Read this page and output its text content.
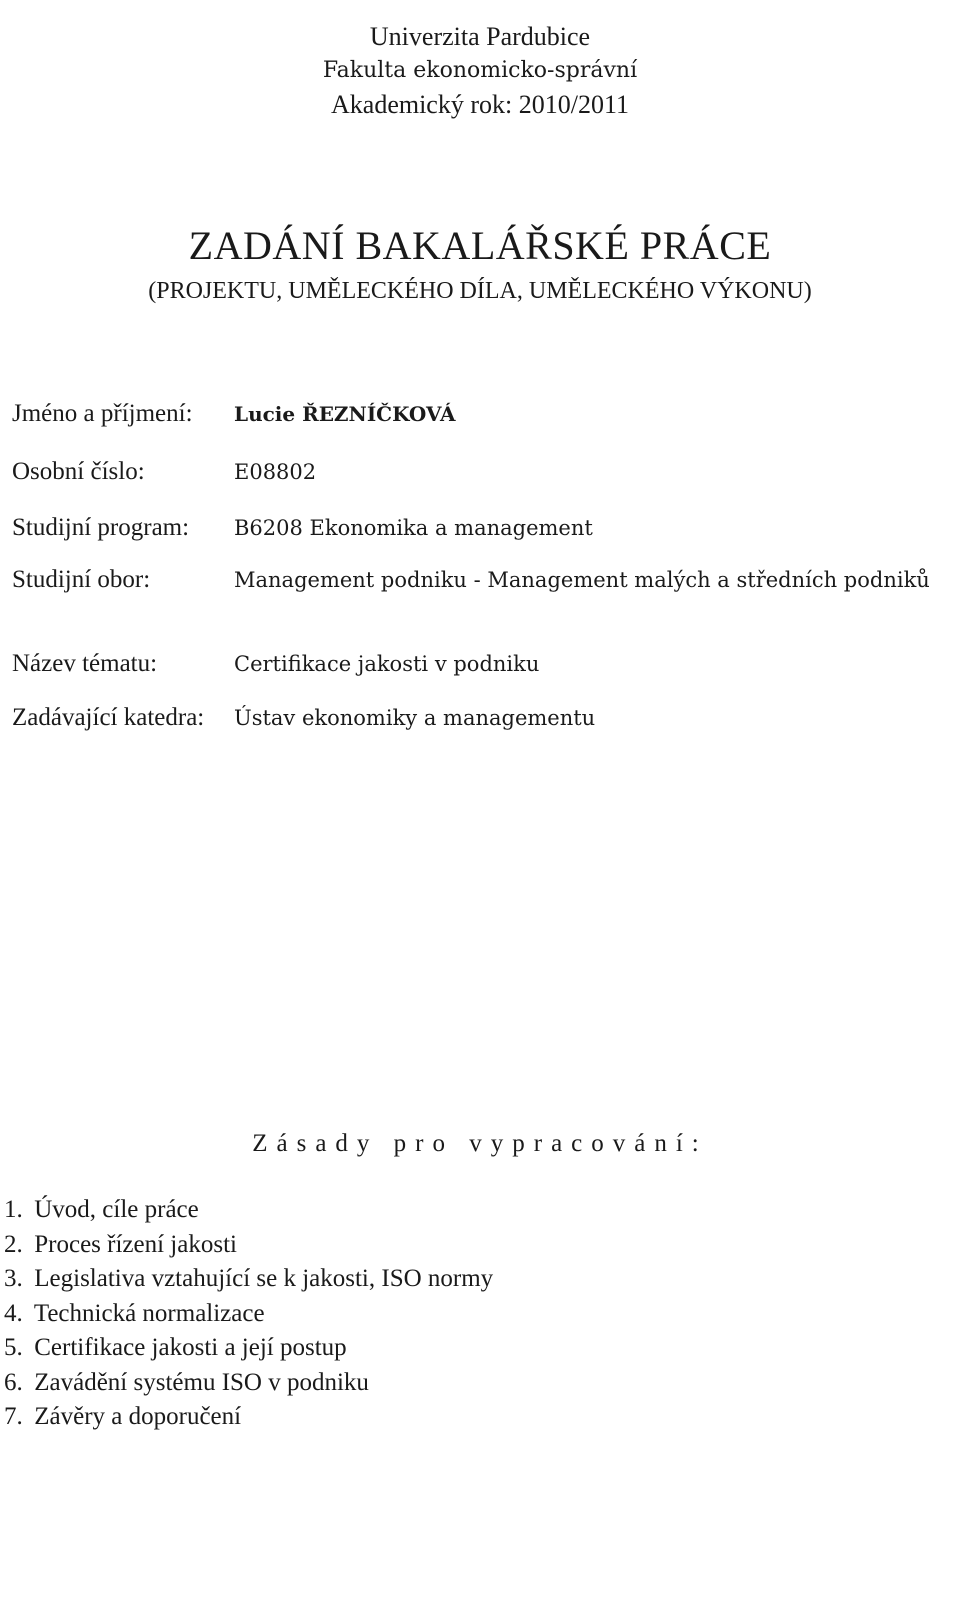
Univerzita Pardubice
Fakulta ekonomicko-správní
Akademický rok: 2010/2011
ZADÁNÍ BAKALÁŘSKÉ PRÁCE
(PROJEKTU, UMĚLECKÉHO DÍLA, UMĚLECKÉHO VÝKONU)
Jméno a příjmení:	Lucie ŘEZNÍČKOVÁ
Osobní číslo:	E08802
Studijní program:	B6208 Ekonomika a management
Studijní obor:	Management podniku - Management malých a středních podniků
Název tématu:	Certifikace jakosti v podniku
Zadávající katedra:	Ústav ekonomiky a managementu
Zásady pro vypracování:
1. Úvod, cíle práce
2. Proces řízení jakosti
3. Legislativa vztahující se k jakosti, ISO normy
4. Technická normalizace
5. Certifikace jakosti a její postup
6. Zavádění systému ISO v podniku
7. Závěry a doporučení
